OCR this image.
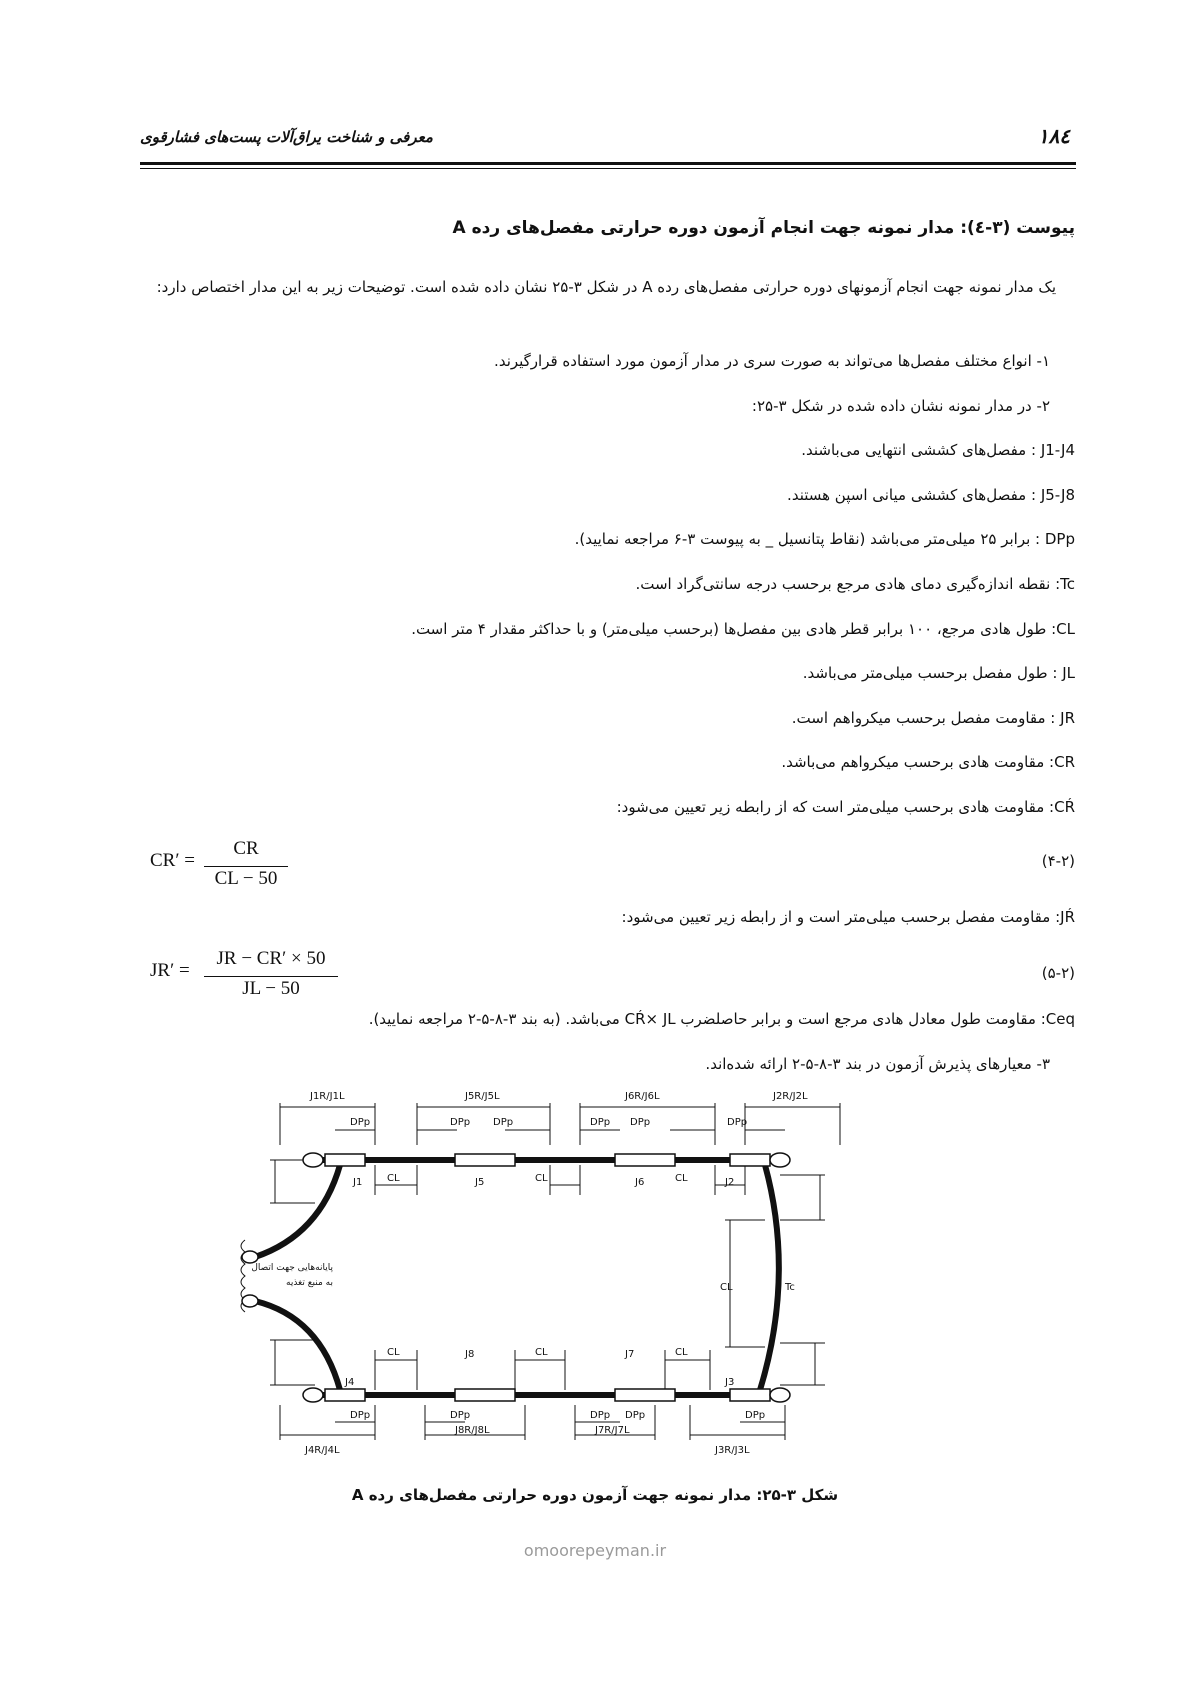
معرفی و شناخت یراق‌آلات پست‌های فشارقوی	۱۸٤
پیوست (۳-٤): مدار نمونه جهت انجام آزمون دوره حرارتی مفصل‌های رده A
یک مدار نمونه جهت انجام آزمونهای دوره حرارتی مفصل‌های رده A در شکل ۳-۲۵ نشان داده شده است. توضیحات زیر به این مدار اختصاص دارد:
۱- انواع مختلف مفصل‌ها می‌تواند به صورت سری در مدار آزمون مورد استفاده قرارگیرند.
۲- در مدار نمونه نشان داده شده در شکل ۳-۲۵:
J1-J4 : مفصل‌های کششی انتهایی می‌باشند.
J5-J8 : مفصل‌های کششی میانی اسپن هستند.
DPp : برابر ۲۵ میلی‌متر می‌باشد (نقاط پتانسیل _ به پیوست ۳-۶ مراجعه نمایید).
Tc: نقطه اندازه‌گیری دمای هادی مرجع برحسب درجه سانتی‌گراد است.
CL: طول هادی مرجع، ۱۰۰ برابر قطر هادی بین مفصل‌ها (برحسب میلی‌متر) و با حداکثر مقدار ۴ متر است.
JL : طول مفصل برحسب میلی‌متر می‌باشد.
JR : مقاومت مفصل برحسب میکرواهم است.
CR: مقاومت هادی برحسب میکرواهم می‌باشد.
CŔ: مقاومت هادی برحسب میلی‌متر است که از رابطه زیر تعیین می‌شود:
CR′ =
CR
CL − 50
(۴-۲)
JŔ: مقاومت مفصل برحسب میلی‌متر است و از رابطه زیر تعیین می‌شود:
JR′ =
JR − CR′ × 50
JL − 50
(۵-۲)
Ceq: مقاومت طول معادل هادی مرجع است و برابر حاصلضرب CŔ× JL می‌باشد. (به بند ۳-۸-۵-۲ مراجعه نمایید).
۳- معیارهای پذیرش آزمون در بند ۳-۸-۵-۲ ارائه شده‌اند.
J1R/J1L	J5R/J5L	J6R/J6L	J2R/J2L
DPp	DPp DPp	DPp DPp	DPp
J1	J5	J6	J2
CL	CL	CL
CL	Tc
J4
J8	J7
J3
CL	CL	CL
DPp	DPp	DPp DPp	DPp
J4R/J4L
J8R/J8L	J7R/J7L
J3R/J3L
پایانه‌هایی جهت اتصال
به منبع تغذیه
شکل ۳-۲۵: مدار نمونه جهت آزمون دوره حرارتی مفصل‌های رده A
omoorepeyman.ir
